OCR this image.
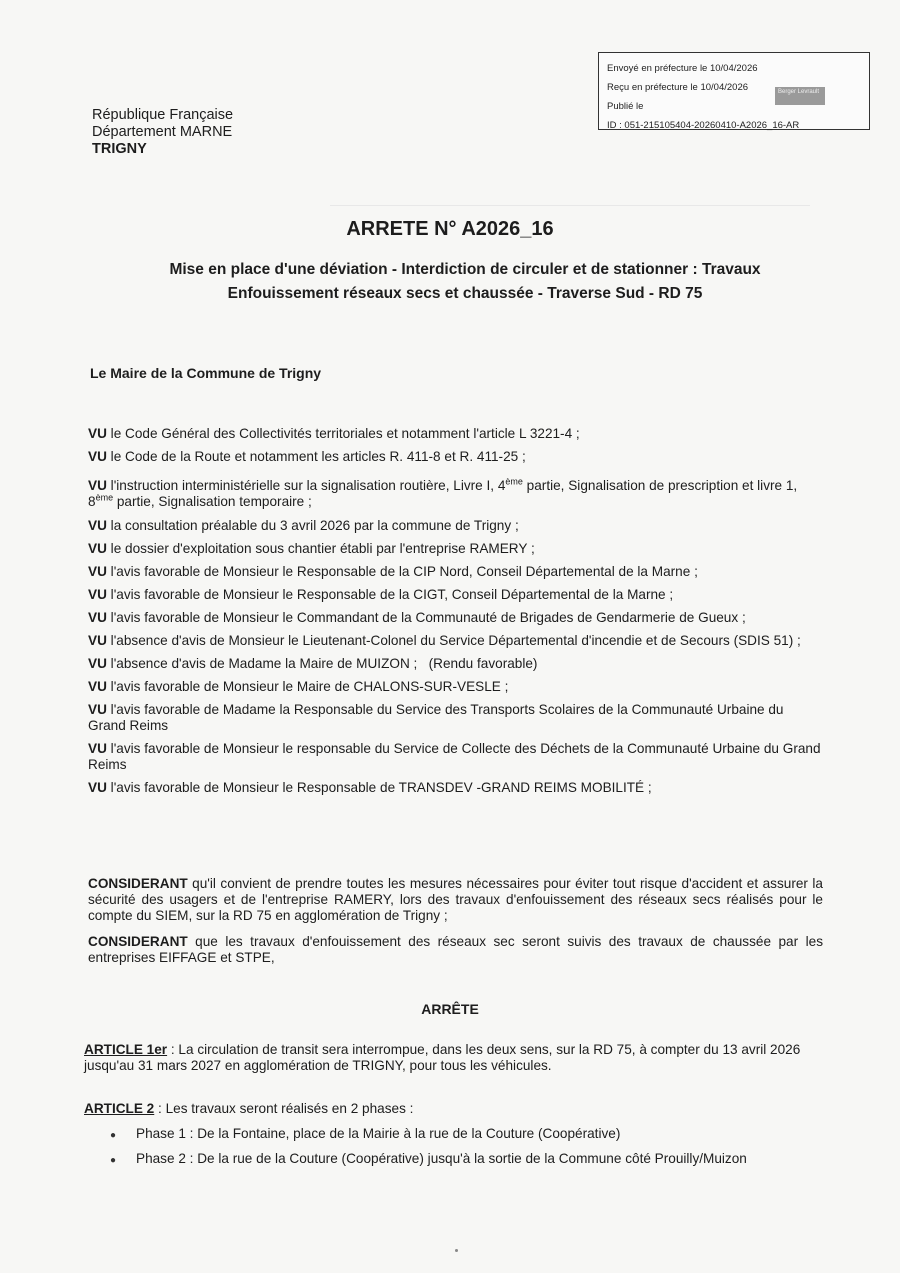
Envoyé en préfecture le 10/04/2026
Reçu en préfecture le 10/04/2026
Publié le
ID : 051-215105404-20260410-A2026_16-AR
Berger Levrault
République Française
Département MARNE
TRIGNY
ARRETE N° A2026_16
Mise en place d'une déviation - Interdiction de circuler et de stationner : Travaux
Enfouissement réseaux secs et chaussée - Traverse Sud - RD 75
Le Maire de la Commune de Trigny
VU le Code Général des Collectivités territoriales et notamment l'article L 3221-4 ;
VU le Code de la Route et notamment les articles R. 411-8 et R. 411-25 ;
VU l'instruction interministérielle sur la signalisation routière, Livre I, 4ème partie, Signalisation de prescription et livre 1, 8ème partie, Signalisation temporaire ;
VU la consultation préalable du 3 avril 2026 par la commune de Trigny ;
VU le dossier d'exploitation sous chantier établi par l'entreprise RAMERY ;
VU l'avis favorable de Monsieur le Responsable de la CIP Nord, Conseil Départemental de la Marne ;
VU l'avis favorable de Monsieur le Responsable de la CIGT, Conseil Départemental de la Marne ;
VU l'avis favorable de Monsieur le Commandant de la Communauté de Brigades de Gendarmerie de Gueux ;
VU l'absence d'avis de Monsieur le Lieutenant-Colonel du Service Départemental d'incendie et de Secours (SDIS 51) ;
VU l'absence d'avis de Madame la Maire de MUIZON ;   (Rendu favorable)
VU l'avis favorable de Monsieur le Maire de CHALONS-SUR-VESLE ;
VU l'avis favorable de Madame la Responsable du Service des Transports Scolaires de la Communauté Urbaine du Grand Reims
VU l'avis favorable de Monsieur le responsable du Service de Collecte des Déchets de la Communauté Urbaine du Grand Reims
VU l'avis favorable de Monsieur le Responsable de TRANSDEV -GRAND REIMS MOBILITÉ ;
CONSIDERANT qu'il convient de prendre toutes les mesures nécessaires pour éviter tout risque d'accident et assurer la sécurité des usagers et de l'entreprise RAMERY, lors des travaux d'enfouissement des réseaux secs réalisés pour le compte du SIEM, sur la RD 75 en agglomération de Trigny ;
CONSIDERANT que les travaux d'enfouissement des réseaux sec seront suivis des travaux de chaussée par les entreprises EIFFAGE et STPE,
ARRÊTE
ARTICLE 1er : La circulation de transit sera interrompue, dans les deux sens, sur la RD 75, à compter du 13 avril 2026 jusqu'au 31 mars 2027 en agglomération de TRIGNY, pour tous les véhicules.
ARTICLE 2 : Les travaux seront réalisés en 2 phases :
●	Phase 1 : De la Fontaine, place de la Mairie à la rue de la Couture (Coopérative)
●	Phase 2 : De la rue de la Couture (Coopérative) jusqu'à la sortie de la Commune côté Prouilly/Muizon
